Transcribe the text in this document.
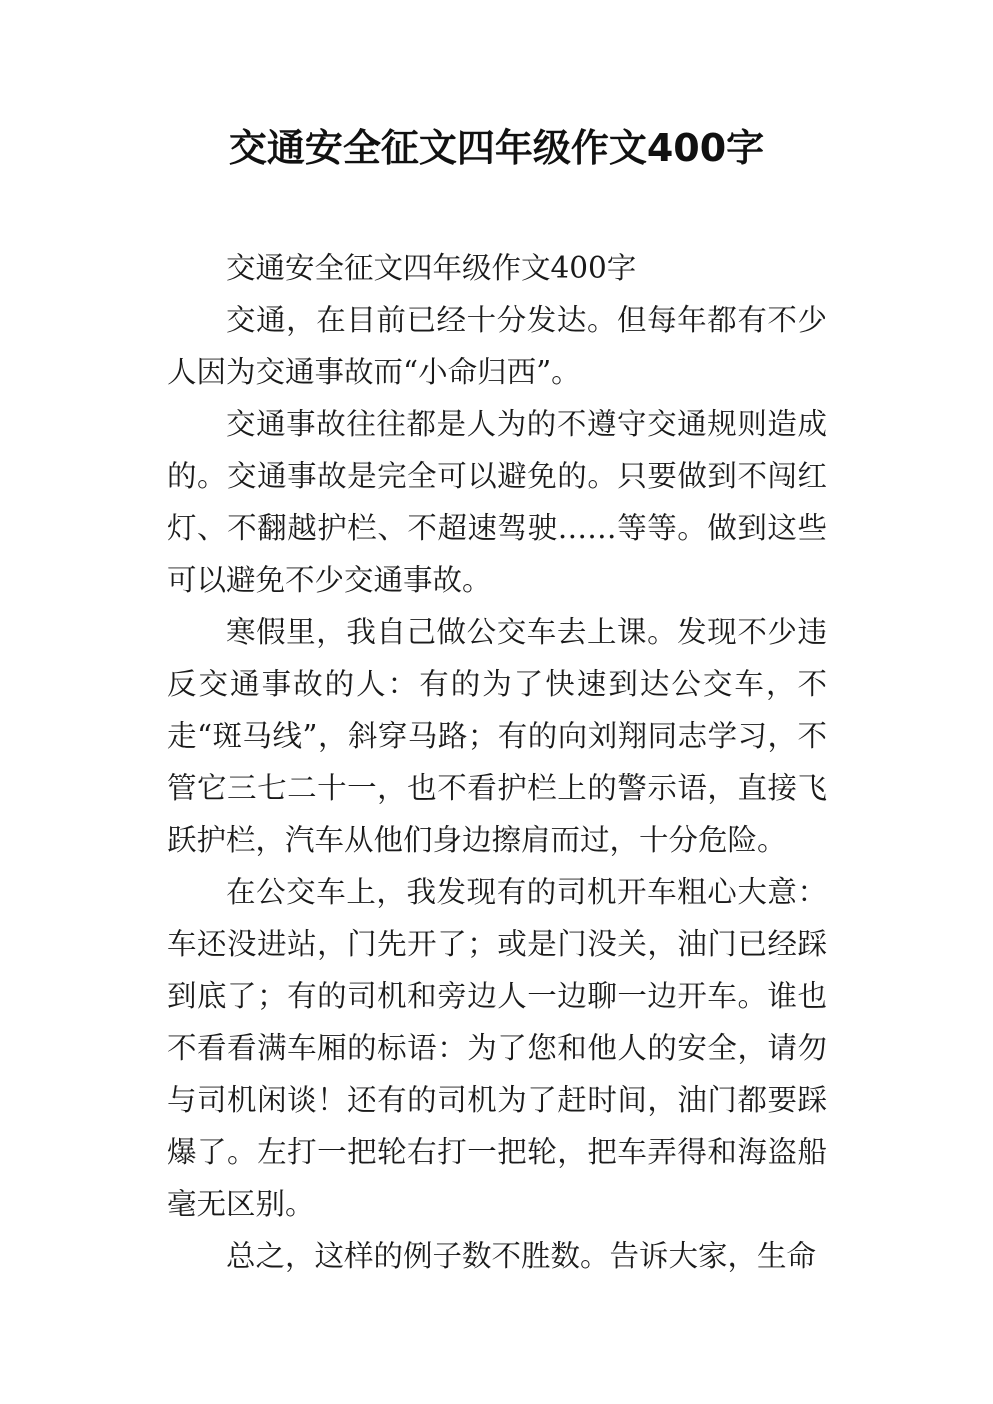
交通安全征文四年级作文400字

交通安全征文四年级作文400字

交通，在目前已经十分发达。但每年都有不少人因为交通事故而“小命归西”。

交通事故往往都是人为的不遵守交通规则造成的。交通事故是完全可以避免的。只要做到不闯红灯、不翻越护栏、不超速驾驶……等等。做到这些可以避免不少交通事故。

寒假里，我自己做公交车去上课。发现不少违反交通事故的人：有的为了快速到达公交车，不走“斑马线”，斜穿马路；有的向刘翔同志学习，不管它三七二十一，也不看护栏上的警示语，直接飞跃护栏，汽车从他们身边擦肩而过，十分危险。

在公交车上，我发现有的司机开车粗心大意：车还没进站，门先开了；或是门没关，油门已经踩到底了；有的司机和旁边人一边聊一边开车。谁也不看看满车厢的标语：为了您和他人的安全，请勿与司机闲谈！还有的司机为了赶时间，油门都要踩爆了。左打一把轮右打一把轮，把车弄得和海盗船毫无区别。

总之，这样的例子数不胜数。告诉大家，生命
